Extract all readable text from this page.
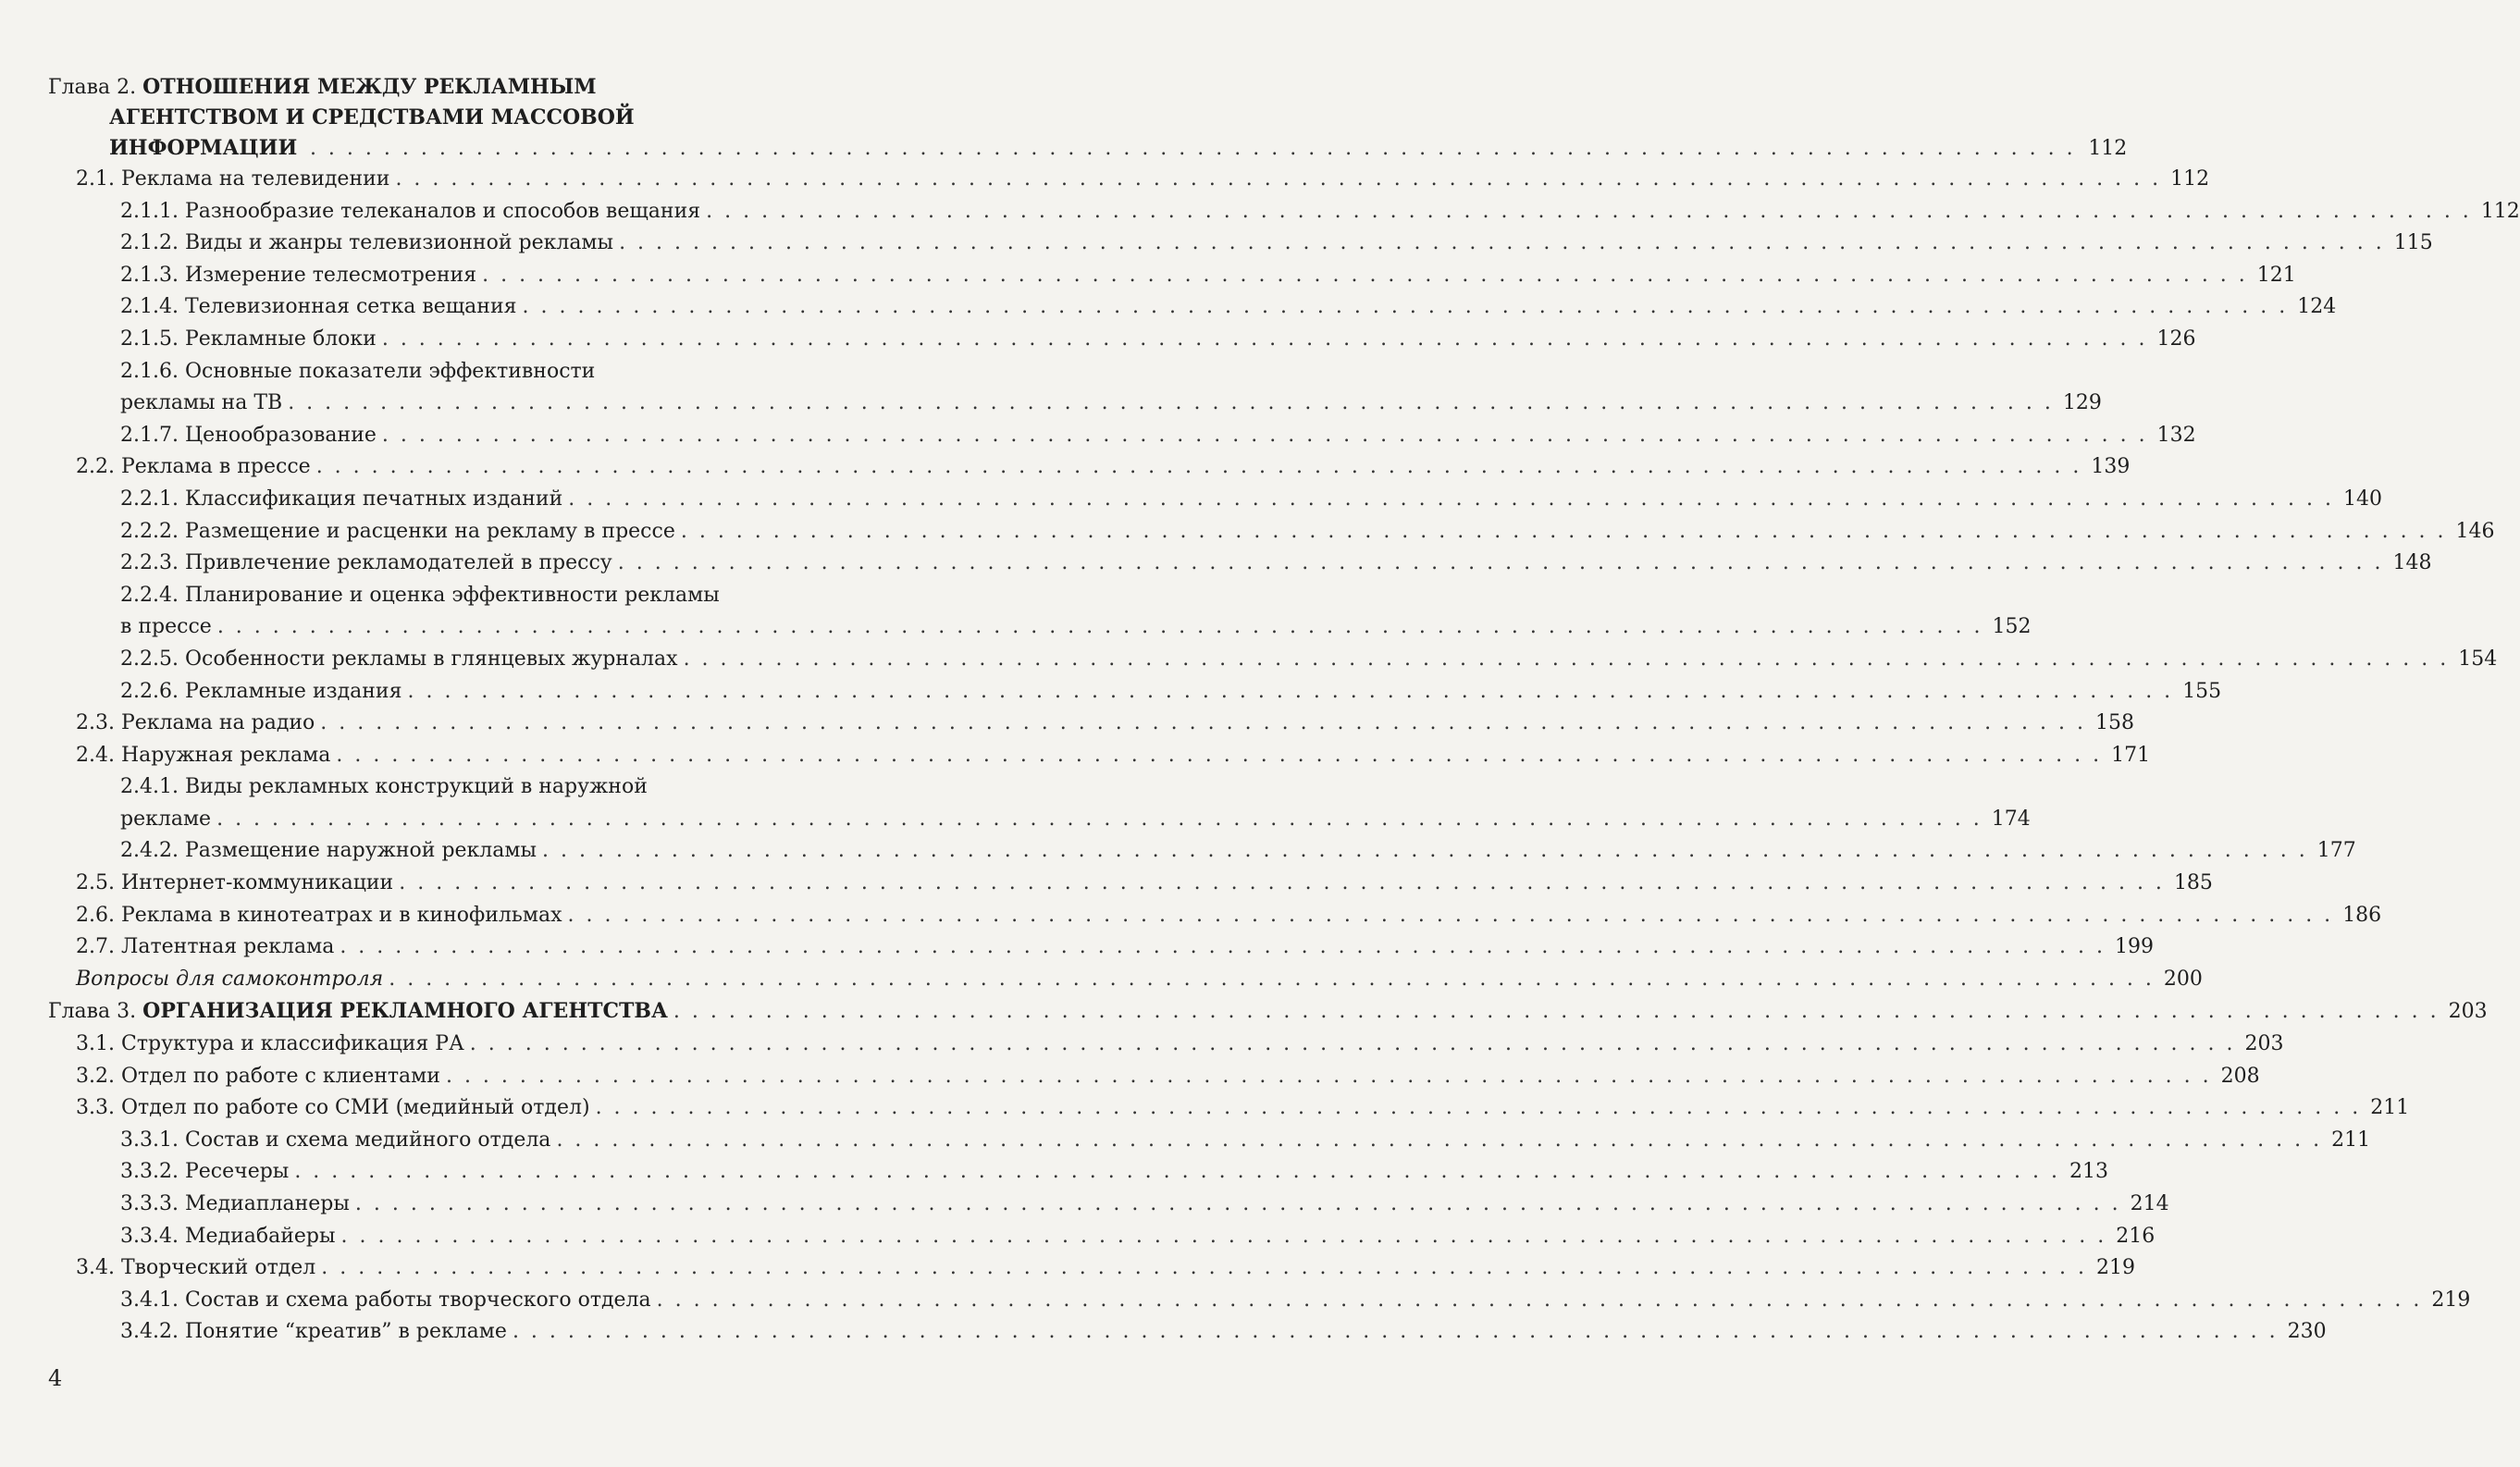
Глава 2. ОТНОШЕНИЯ МЕЖДУ РЕКЛАМНЫМ
АГЕНТСТВОМ И СРЕДСТВАМИ МАССОВОЙ
ИНФОРМАЦИИ . . .	112
2.1. Реклама на телевидении . . .	112
2.1.1. Разнообразие телеканалов и способов вещания . . .	112
2.1.2. Виды и жанры телевизионной рекламы . . .	115
2.1.3. Измерение телесмотрения . . .	121
2.1.4. Телевизионная сетка вещания . . .	124
2.1.5. Рекламные блоки . . .	126
2.1.6. Основные показатели эффективности
рекламы на ТВ . . .	129
2.1.7. Ценообразование . . .	132
2.2. Реклама в прессе . . .	139
2.2.1. Классификация печатных изданий . . .	140
2.2.2. Размещение и расценки на рекламу в прессе . . .	146
2.2.3. Привлечение рекламодателей в прессу . . .	148
2.2.4. Планирование и оценка эффективности рекламы
в прессе . . .	152
2.2.5. Особенности рекламы в глянцевых журналах . . .	154
2.2.6. Рекламные издания . . .	155
2.3. Реклама на радио . . .	158
2.4. Наружная реклама . . .	171
2.4.1. Виды рекламных конструкций в наружной
рекламе . . .	174
2.4.2. Размещение наружной рекламы . . .	177
2.5. Интернет-коммуникации . . .	185
2.6. Реклама в кинотеатрах и в кинофильмах . . .	186
2.7. Латентная реклама . . .	199
Вопросы для самоконтроля . . .	200
Глава 3. ОРГАНИЗАЦИЯ РЕКЛАМНОГО АГЕНТСТВА . . .	203
3.1. Структура и классификация РА . . .	203
3.2. Отдел по работе с клиентами . . .	208
3.3. Отдел по работе со СМИ (медийный отдел) . . .	211
3.3.1. Состав и схема медийного отдела . . .	211
3.3.2. Ресечеры . . .	213
3.3.3. Медиапланеры . . .	214
3.3.4. Медиабайеры . . .	216
3.4. Творческий отдел . . .	219
3.4.1. Состав и схема работы творческого отдела . . .	219
3.4.2. Понятие “креатив” в рекламе . . .	230
4
